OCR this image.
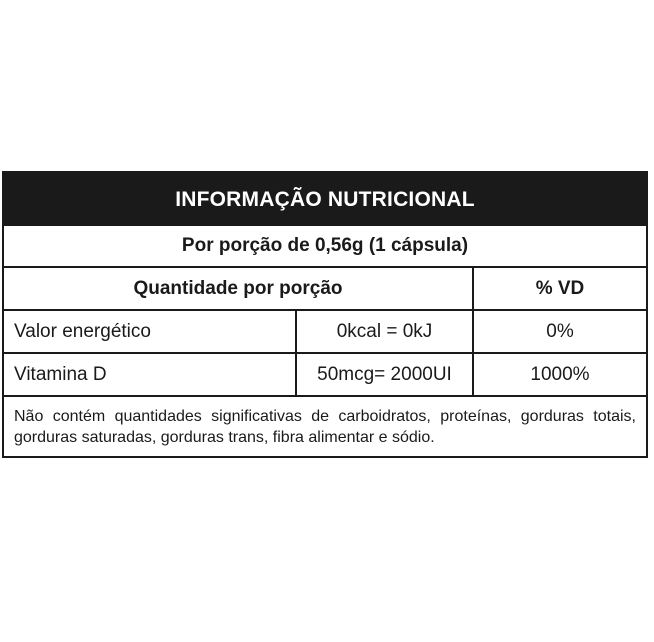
INFORMAÇÃO NUTRICIONAL
Por porção de 0,56g (1 cápsula)
Quantidade por porção	% VD
Valor energético	0kcal = 0kJ	0%
Vitamina D	50mcg= 2000UI	1000%
Não contém quantidades significativas de carboidratos, proteínas, gorduras totais, gorduras saturadas, gorduras trans, fibra alimentar e sódio.
